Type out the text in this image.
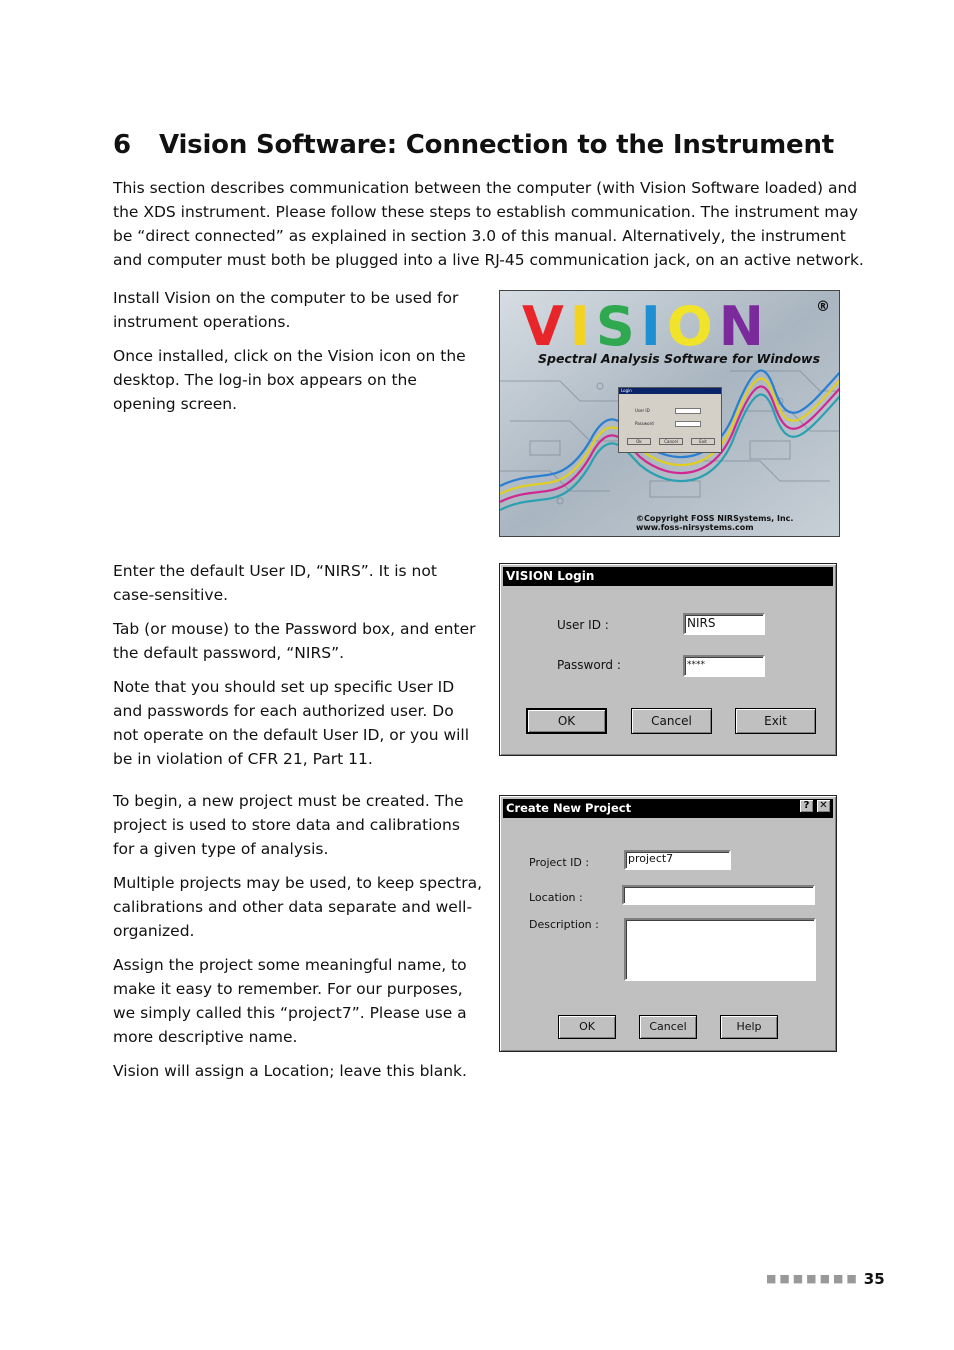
6 Vision Software: Connection to the Instrument

This section describes communication between the computer (with Vision Software loaded) and the XDS instrument. Please follow these steps to establish communication. The instrument may be “direct connected” as explained in section 3.0 of this manual. Alternatively, the instrument and computer must both be plugged into a live RJ-45 communication jack, on an active network.

Install Vision on the computer to be used for instrument operations.

Once installed, click on the Vision icon on the desktop. The log-in box appears on the opening screen.

Enter the default User ID, “NIRS”. It is not case-sensitive.

Tab (or mouse) to the Password box, and enter the default password, “NIRS”.

Note that you should set up specific User ID and passwords for each authorized user. Do not operate on the default User ID, or you will be in violation of CFR 21, Part 11.

To begin, a new project must be created. The project is used to store data and calibrations for a given type of analysis.

Multiple projects may be used, to keep spectra, calibrations and other data separate and well-organized.

Assign the project some meaningful name, to make it easy to remember. For our purposes, we simply called this “project7”. Please use a more descriptive name.

Vision will assign a Location; leave this blank.

VISION	®
Spectral Analysis Software for Windows
Login
User ID
Password
Ok	Cancel	Exit
©Copyright FOSS NIRSystems, Inc.
www.foss-nirsystems.com
VISION Login
User ID :	NIRS
Password :	****
OK	Cancel	Exit
Create New Project	? ✕
Project ID :	project7
Location :
Description :
OK	Cancel	Help
■■■■■■■ 35
